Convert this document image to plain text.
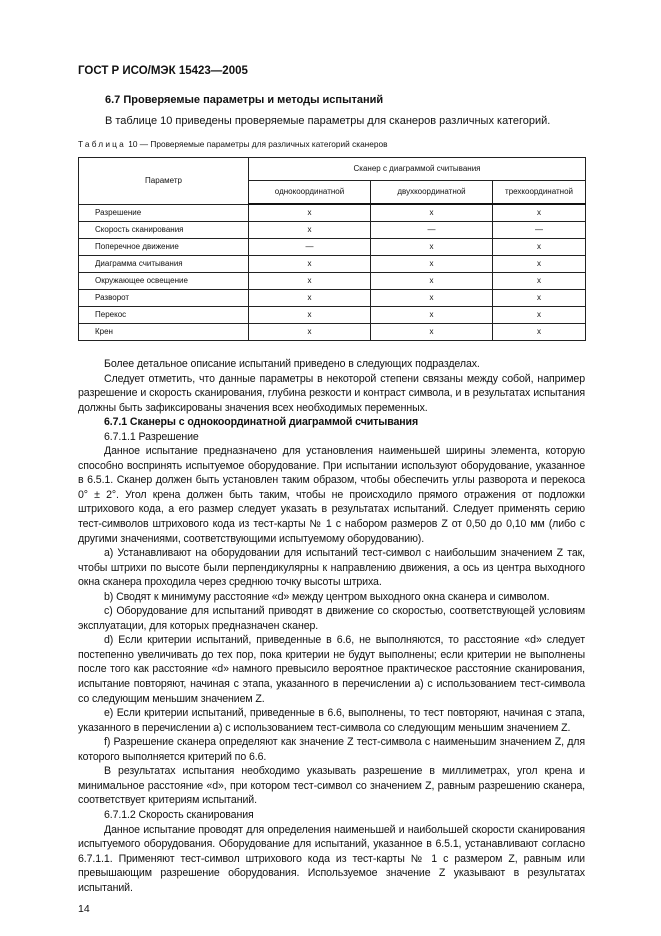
ГОСТ Р ИСО/МЭК 15423—2005
6.7 Проверяемые параметры и методы испытаний
В таблице 10 приведены проверяемые параметры для сканеров различных категорий.
Таблица 10 — Проверяемые параметры для различных категорий сканеров
Параметр	Сканер с диаграммой считывания		
	однокоординатной	двухкоординатной	трехкоординатной
Разрешение	x	x	x
Скорость сканирования	x	—	—
Поперечное движение	—	x	x
Диаграмма считывания	x	x	x
Окружающее освещение	x	x	x
Разворот	x	x	x
Перекос	x	x	x
Крен	x	x	x

Более детальное описание испытаний приведено в следующих подразделах.

Следует отметить, что данные параметры в некоторой степени связаны между собой, например разрешение и скорость сканирования, глубина резкости и контраст символа, и в результатах испытания должны быть зафиксированы значения всех необходимых переменных.

6.7.1 Сканеры с однокоординатной диаграммой считывания

6.7.1.1 Разрешение

Данное испытание предназначено для установления наименьшей ширины элемента, которую способно воспринять испытуемое оборудование. При испытании используют оборудование, указанное в 6.5.1. Сканер должен быть установлен таким образом, чтобы обеспечить углы разворота и перекоса 0° ± 2°. Угол крена должен быть таким, чтобы не происходило прямого отражения от подложки штрихового кода, а его размер следует указать в результатах испытаний. Следует применять серию тест-символов штрихового кода из тест-карты № 1 с набором размеров Z от 0,50 до 0,10 мм (либо с другими значениями, соответствующими испытуемому оборудованию).

a) Устанавливают на оборудовании для испытаний тест-символ с наибольшим значением Z так, чтобы штрихи по высоте были перпендикулярны к направлению движения, а ось из центра выходного окна сканера проходила через среднюю точку высоты штриха.

b) Сводят к минимуму расстояние «d» между центром выходного окна сканера и символом.

c) Оборудование для испытаний приводят в движение со скоростью, соответствующей условиям эксплуатации, для которых предназначен сканер.

d) Если критерии испытаний, приведенные в 6.6, не выполняются, то расстояние «d» следует постепенно увеличивать до тех пор, пока критерии не будут выполнены; если критерии не выполнены после того как расстояние «d» намного превысило вероятное практическое расстояние сканирования, испытание повторяют, начиная с этапа, указанного в перечислении a) с использованием тест-символа со следующим меньшим значением Z.

e) Если критерии испытаний, приведенные в 6.6, выполнены, то тест повторяют, начиная с этапа, указанного в перечислении a) с использованием тест-символа со следующим меньшим значением Z.

f) Разрешение сканера определяют как значение Z тест-символа с наименьшим значением Z, для которого выполняется критерий по 6.6.

В результатах испытания необходимо указывать разрешение в миллиметрах, угол крена и минимальное расстояние «d», при котором тест-символ со значением Z, равным разрешению сканера, соответствует критериям испытаний.

6.7.1.2 Скорость сканирования

Данное испытание проводят для определения наименьшей и наибольшей скорости сканирования испытуемого оборудования. Оборудование для испытаний, указанное в 6.5.1, устанавливают согласно 6.7.1.1. Применяют тест-символ штрихового кода из тест-карты № 1 с размером Z, равным или превышающим разрешение оборудования. Используемое значение Z указывают в результатах испытаний.

14
